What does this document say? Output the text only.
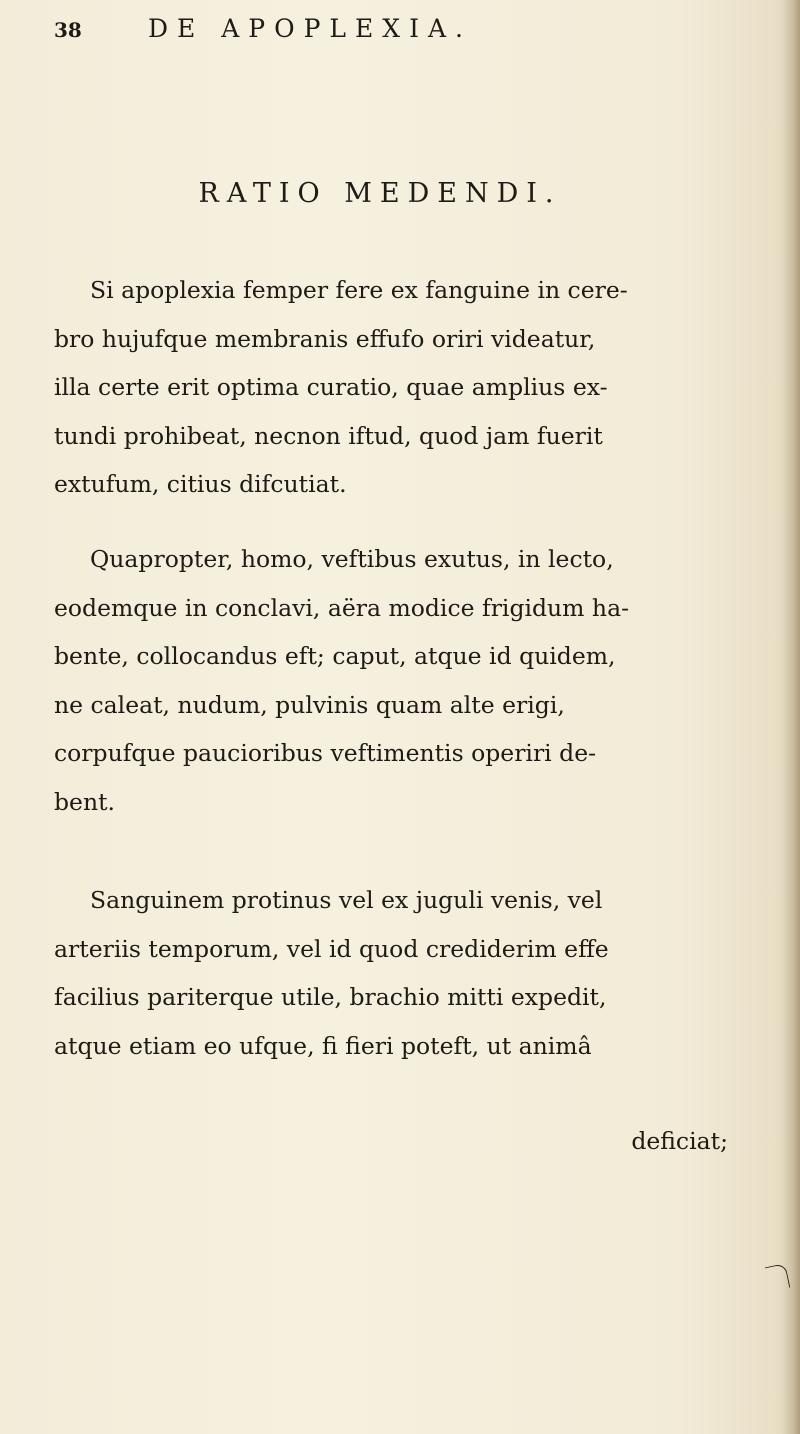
38	DE APOPLEXIA.
RATIO MEDENDI.
Si apoplexia femper fere ex fanguine in cere-
bro hujufque membranis effufo oriri videatur,
illa certe erit optima curatio, quae amplius ex-
tundi prohibeat, necnon iftud, quod jam fuerit
extufum, citius difcutiat.
Quapropter, homo, veftibus exutus, in lecto,
eodemque in conclavi, aëra modice frigidum ha-
bente, collocandus eft; caput, atque id quidem,
ne caleat, nudum, pulvinis quam alte erigi,
corpufque paucioribus veftimentis operiri de-
bent.
Sanguinem protinus vel ex juguli venis, vel
arteriis temporum, vel id quod crediderim effe
facilius pariterque utile, brachio mitti expedit,
atque etiam eo ufque, fi fieri poteft, ut animâ
deficiat;
